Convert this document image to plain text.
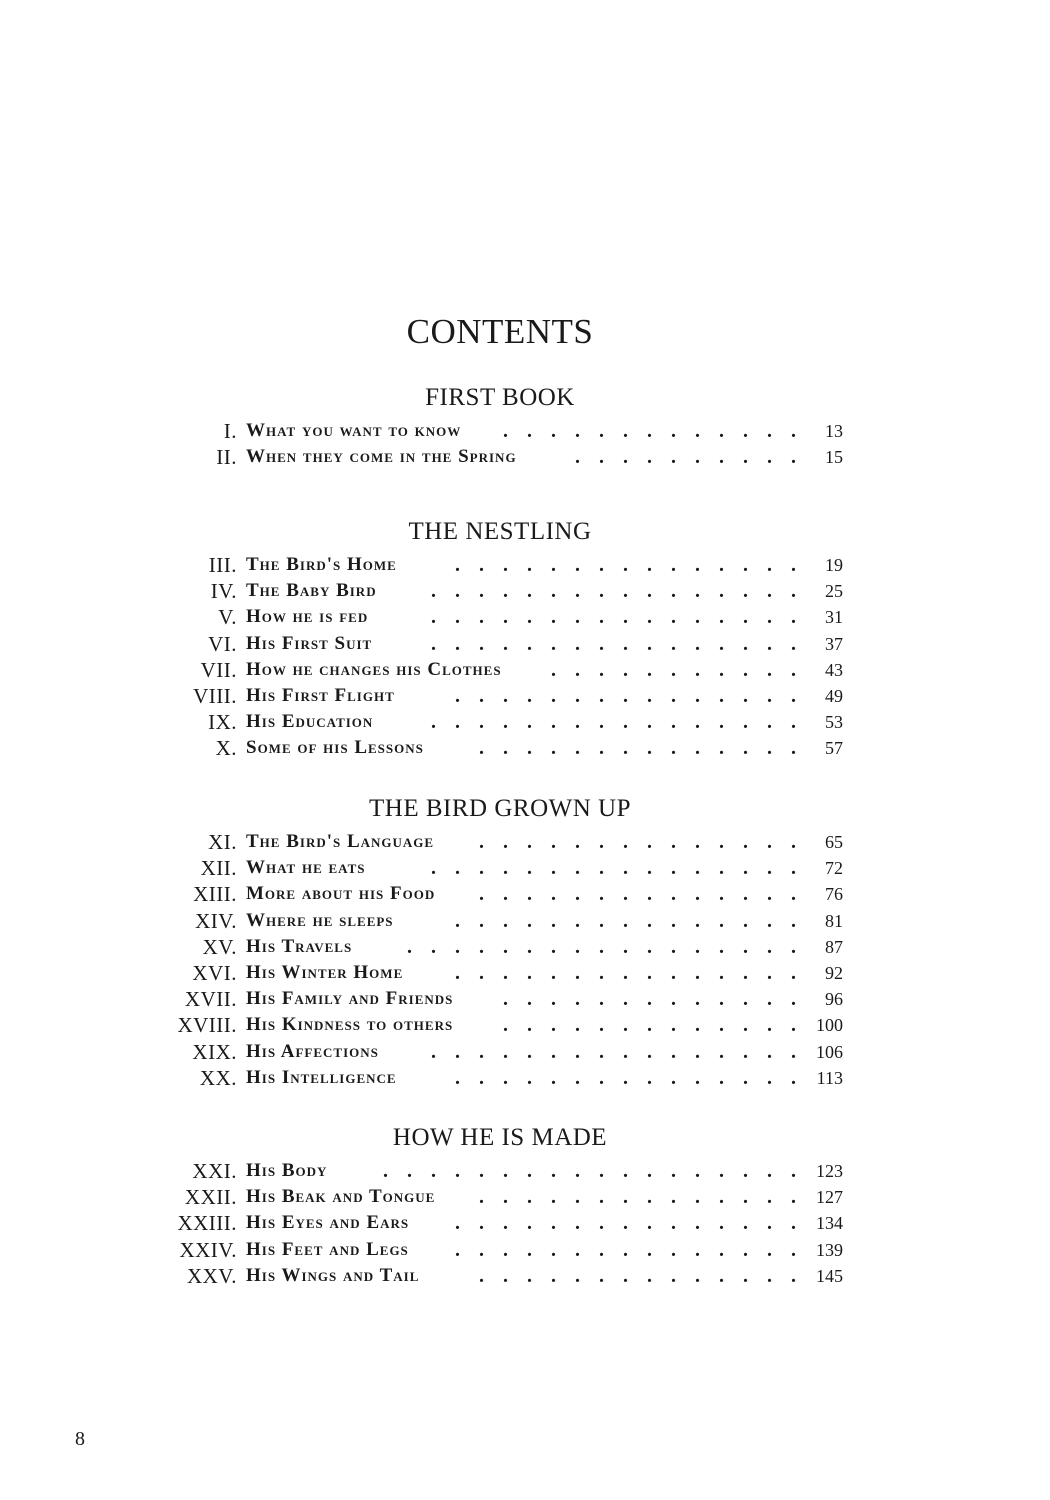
CONTENTS
FIRST BOOK
I. What you want to know ............. 13
II. When they come in the Spring	.......... 15
THE NESTLING
III. The Bird's Home	............... 19
IV. The Baby Bird	................ 25
V. How he is fed	................ 31
VI. His First Suit	................ 37
VII. How he changes his Clothes ........... 43
VIII. His First Flight	............... 49
IX. His Education	................ 53
X. Some of his Lessons	.............. 57
THE BIRD GROWN UP
XI. The Bird's Language .............. 65
XII. What he eats	................ 72
XIII. More about his Food .............. 76
XIV. Where he sleeps	............... 81
XV. His Travels	................. 87
XVI. His Winter Home	............... 92
XVII. His Family and Friends ............. 96
XVIII. His Kindness to others ............. 100
XIX. His Affections	................ 106
XX. His Intelligence	............... 113
HOW HE IS MADE
XXI. His Body	.................. 123
XXII. His Beak and Tongue .............. 127
XXIII. His Eyes and Ears ............... 134
XXIV. His Feet and Legs ............... 139
XXV. His Wings and Tail	.............. 145
8
